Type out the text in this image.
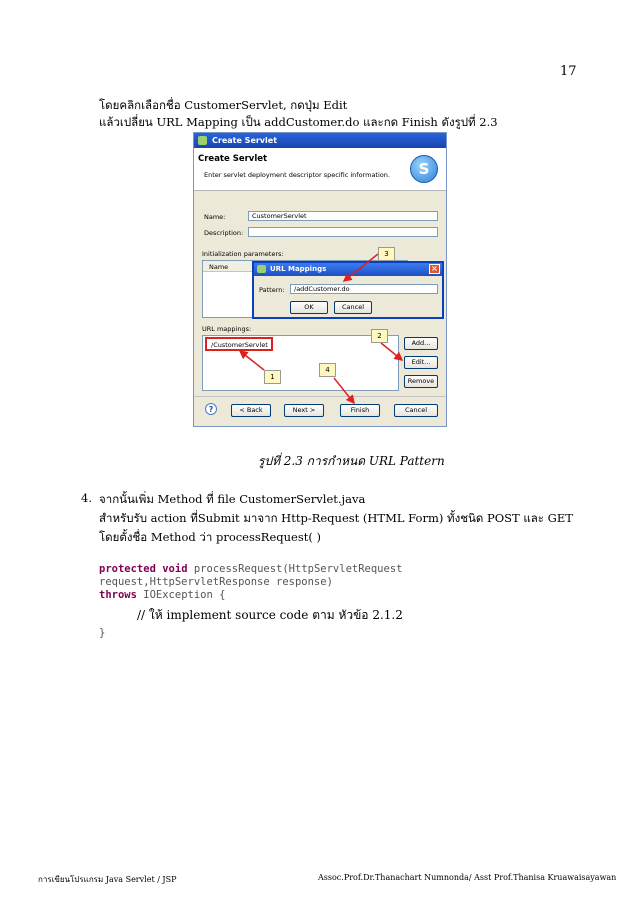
17
โดยคลิกเลือกชื่อ CustomerServlet, กดปุ่ม Edit
แล้วเปลี่ยน URL Mapping เป็น addCustomer.do และกด Finish ดังรูปที่ 2.3
Create Servlet
Create Servlet
Enter servlet deployment descriptor specific information.	S
Name:	CustomerServlet
Description:
Initialization parameters:
Name
URL mappings:
/CustomerServlet	Add...
Edit...
Remove
?	< Back	Next >	Finish	Cancel
URL Mappings	×
Pattern:	/addCustomer.do
OK	Cancel
1
2
3
4
รูปที่ 2.3 การกำหนด URL Pattern
4. จากนั้นเพิ่ม Method ที่ file CustomerServlet.java
สำหรับรับ action ที่Submit มาจาก Http-Request (HTML Form) ทั้งชนิด POST และ GET
โดยตั้งชื่อ Method ว่า processRequest( )
protected void processRequest(HttpServletRequest
request,HttpServletResponse response)
throws IOException {
// ให้ implement source code ตาม หัวข้อ 2.1.2
}
การเขียนโปรแกรม Java Servlet / JSP	Assoc.Prof.Dr.Thanachart Numnonda/ Asst Prof.Thanisa Kruawaisayawan
